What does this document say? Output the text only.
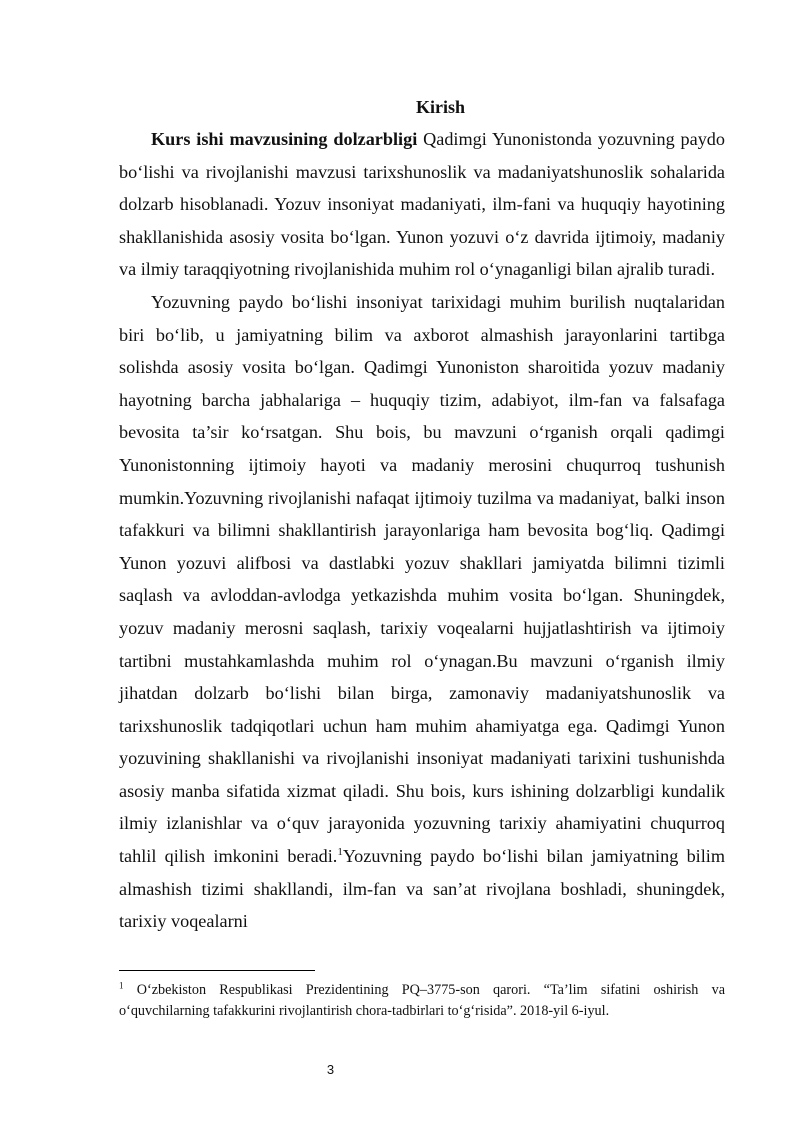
Kirish

Kurs ishi mavzusining dolzarbligi Qadimgi Yunonistonda yozuvning paydo bo‘lishi va rivojlanishi mavzusi tarixshunoslik va madaniyatshunoslik sohalarida dolzarb hisoblanadi. Yozuv insoniyat madaniyati, ilm-fani va huquqiy hayotining shakllanishida asosiy vosita bo‘lgan. Yunon yozuvi o‘z davrida ijtimoiy, madaniy va ilmiy taraqqiyotning rivojlanishida muhim rol o‘ynaganligi bilan ajralib turadi.

Yozuvning paydo bo‘lishi insoniyat tarixidagi muhim burilish nuqtalaridan biri bo‘lib, u jamiyatning bilim va axborot almashish jarayonlarini tartibga solishda asosiy vosita bo‘lgan. Qadimgi Yunoniston sharoitida yozuv madaniy hayotning barcha jabhalariga – huquqiy tizim, adabiyot, ilm-fan va falsafaga bevosita ta’sir ko‘rsatgan. Shu bois, bu mavzuni o‘rganish orqali qadimgi Yunonistonning ijtimoiy hayoti va madaniy merosini chuqurroq tushunish mumkin.Yozuvning rivojlanishi nafaqat ijtimoiy tuzilma va madaniyat, balki inson tafakkuri va bilimni shakllantirish jarayonlariga ham bevosita bog‘liq. Qadimgi Yunon yozuvi alifbosi va dastlabki yozuv shakllari jamiyatda bilimni tizimli saqlash va avloddan-avlodga yetkazishda muhim vosita bo‘lgan. Shuningdek, yozuv madaniy merosni saqlash, tarixiy voqealarni hujjatlashtirish va ijtimoiy tartibni mustahkamlashda muhim rol o‘ynagan.Bu mavzuni o‘rganish ilmiy jihatdan dolzarb bo‘lishi bilan birga, zamonaviy madaniyatshunoslik va tarixshunoslik tadqiqotlari uchun ham muhim ahamiyatga ega. Qadimgi Yunon yozuvining shakllanishi va rivojlanishi insoniyat madaniyati tarixini tushunishda asosiy manba sifatida xizmat qiladi. Shu bois, kurs ishining dolzarbligi kundalik ilmiy izlanishlar va o‘quv jarayonida yozuvning tarixiy ahamiyatini chuqurroq tahlil qilish imkonini beradi.$^1$Yozuvning paydo bo‘lishi bilan jamiyatning bilim almashish tizimi shakllandi, ilm-fan va san’at rivojlana boshladi, shuningdek, tarixiy voqealarni

$^1$ O‘zbekiston Respublikasi Prezidentining PQ–3775-son qarori. “Ta’lim sifatini oshirish va o‘quvchilarning tafakkurini rivojlantirish chora-tadbirlari to‘g‘risida”. 2018-yil 6-iyul.
3
